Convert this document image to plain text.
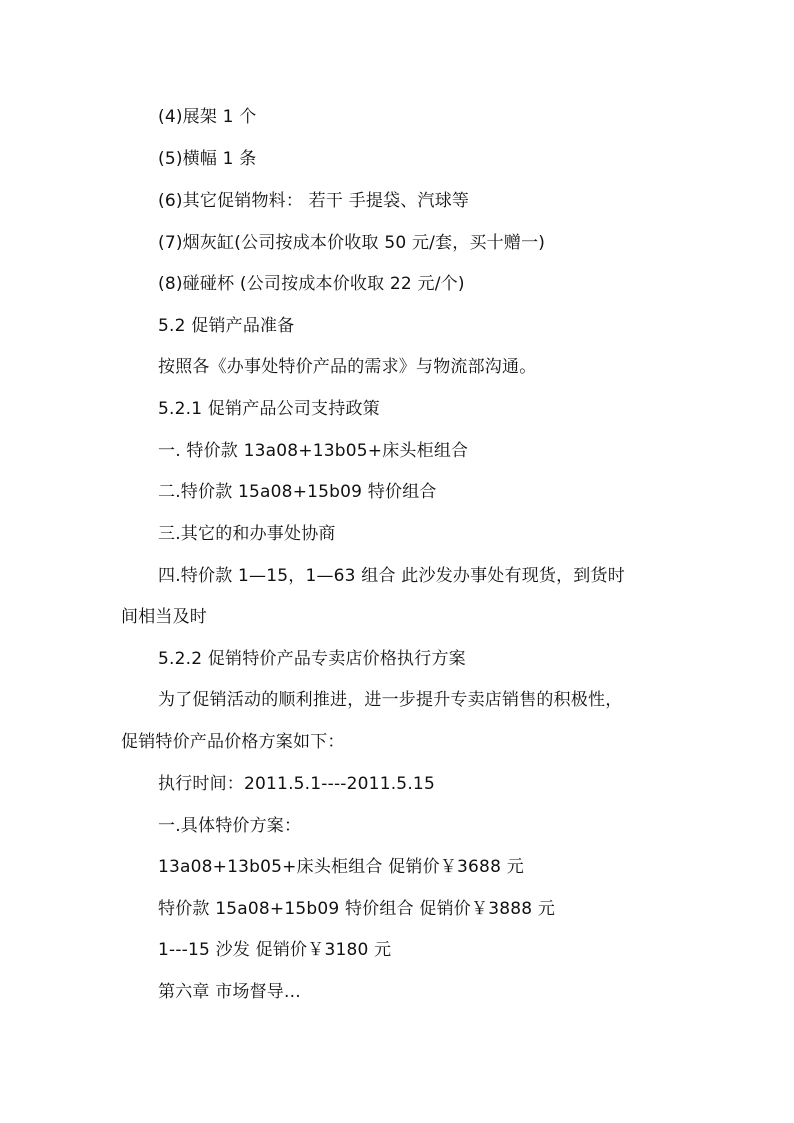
(4)展架 1 个
(5)横幅 1 条
(6)其它促销物料： 若干 手提袋、汽球等
(7)烟灰缸(公司按成本价收取 50 元/套，买十赠一)
(8)碰碰杯 (公司按成本价收取 22 元/个)
5.2 促销产品准备
按照各《办事处特价产品的需求》与物流部沟通。
5.2.1 促销产品公司支持政策
一. 特价款 13a08+13b05+床头柜组合
二.特价款 15a08+15b09 特价组合
三.其它的和办事处协商
四.特价款 1—15，1—63 组合 此沙发办事处有现货，到货时
间相当及时
5.2.2 促销特价产品专卖店价格执行方案
为了促销活动的顺利推进，进一步提升专卖店销售的积极性，
促销特价产品价格方案如下：
执行时间：2011.5.1----2011.5.15
一.具体特价方案：
13a08+13b05+床头柜组合 促销价￥3688 元
特价款 15a08+15b09 特价组合 促销价￥3888 元
1---15 沙发 促销价￥3180 元
第六章 市场督导...
